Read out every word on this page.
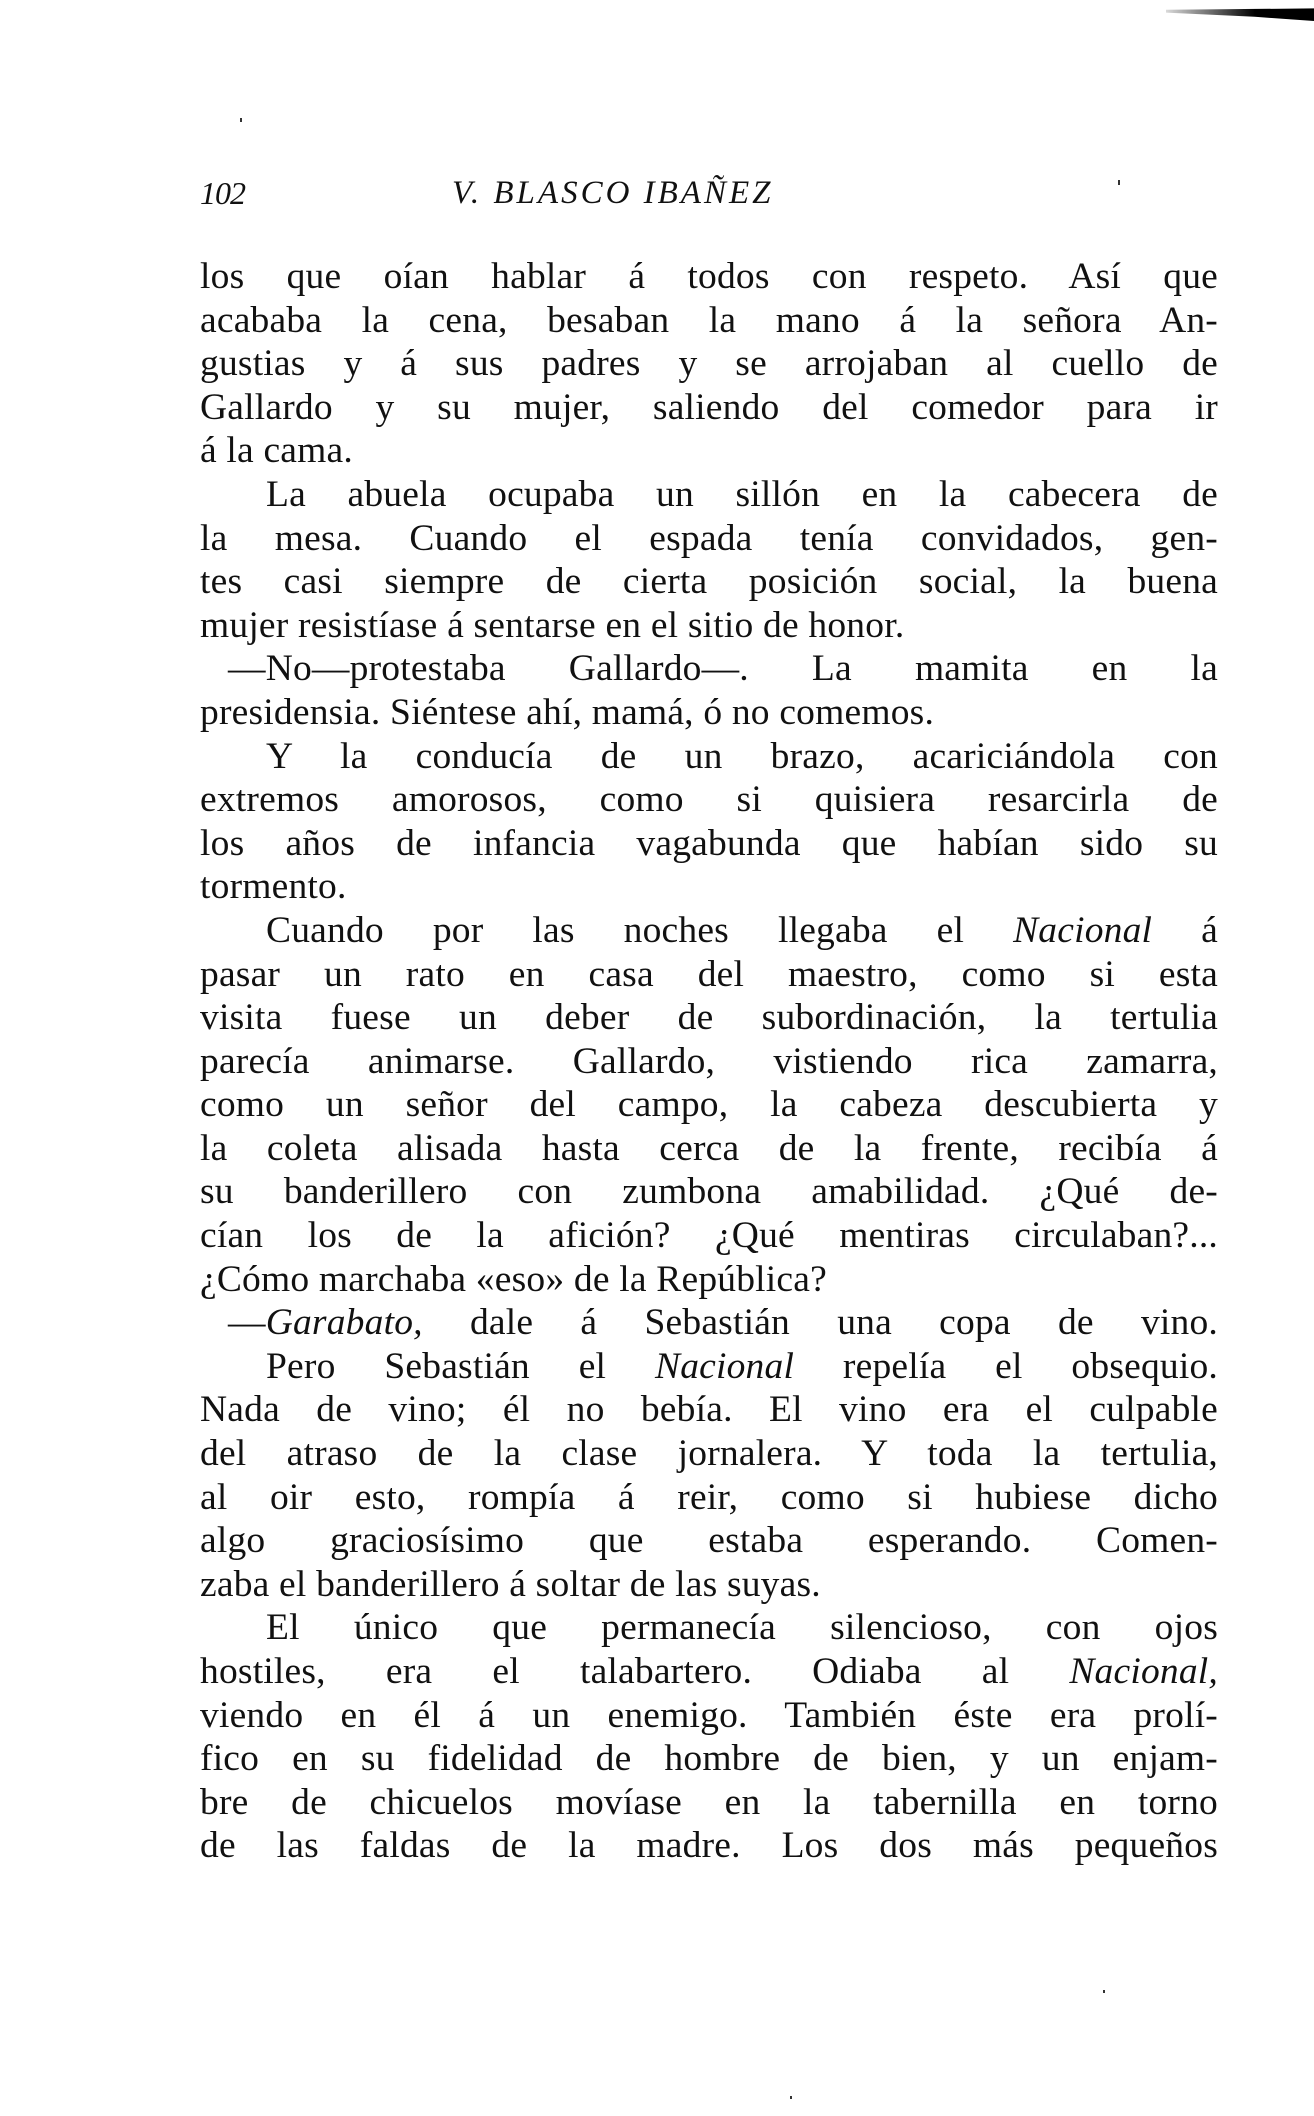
102	V. BLASCO IBAÑEZ
los que oían hablar á todos con respeto. Así que
acababa la cena, besaban la mano á la señora An-
gustias y á sus padres y se arrojaban al cuello de
Gallardo y su mujer, saliendo del comedor para ir
á la cama.
La abuela ocupaba un sillón en la cabecera de
la mesa. Cuando el espada tenía convidados, gen-
tes casi siempre de cierta posición social, la buena
mujer resistíase á sentarse en el sitio de honor.
—No—protestaba Gallardo—. La mamita en la
presidensia. Siéntese ahí, mamá, ó no comemos.
Y la conducía de un brazo, acariciándola con
extremos amorosos, como si quisiera resarcirla de
los años de infancia vagabunda que habían sido su
tormento.
Cuando por las noches llegaba el Nacional á
pasar un rato en casa del maestro, como si esta
visita fuese un deber de subordinación, la tertulia
parecía animarse. Gallardo, vistiendo rica zamarra,
como un señor del campo, la cabeza descubierta y
la coleta alisada hasta cerca de la frente, recibía á
su banderillero con zumbona amabilidad. ¿Qué de-
cían los de la afición? ¿Qué mentiras circulaban?...
¿Cómo marchaba «eso» de la República?
—Garabato, dale á Sebastián una copa de vino.
Pero Sebastián el Nacional repelía el obsequio.
Nada de vino; él no bebía. El vino era el culpable
del atraso de la clase jornalera. Y toda la tertulia,
al oir esto, rompía á reir, como si hubiese dicho
algo graciosísimo que estaba esperando. Comen-
zaba el banderillero á soltar de las suyas.
El único que permanecía silencioso, con ojos
hostiles, era el talabartero. Odiaba al Nacional,
viendo en él á un enemigo. También éste era prolí-
fico en su fidelidad de hombre de bien, y un enjam-
bre de chicuelos movíase en la tabernilla en torno
de las faldas de la madre. Los dos más pequeños
